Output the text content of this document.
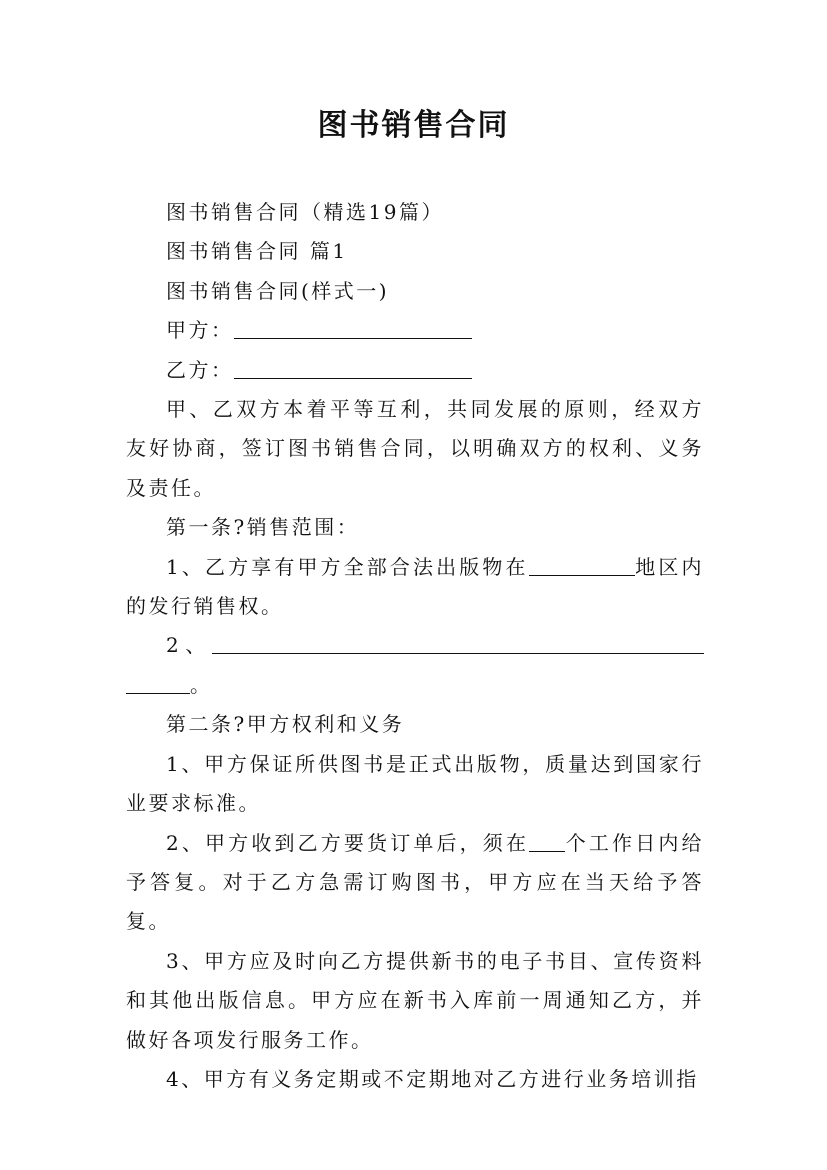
图书销售合同

图书销售合同（精选19篇）

图书销售合同 篇1

图书销售合同(样式一)

甲方：

乙方：

甲、乙双方本着平等互利，共同发展的原则，经双方友好协商，签订图书销售合同，以明确双方的权利、义务及责任。

第一条?销售范围：

1、乙方享有甲方全部合法出版物在	地区内的发行销售权。

2、。

第二条?甲方权利和义务

1、甲方保证所供图书是正式出版物，质量达到国家行业要求标准。

2、甲方收到乙方要货订单后，须在 个工作日内给予答复。对于乙方急需订购图书，甲方应在当天给予答复。

3、甲方应及时向乙方提供新书的电子书目、宣传资料和其他出版信息。甲方应在新书入库前一周通知乙方，并做好各项发行服务工作。

4、甲方有义务定期或不定期地对乙方进行业务培训指
